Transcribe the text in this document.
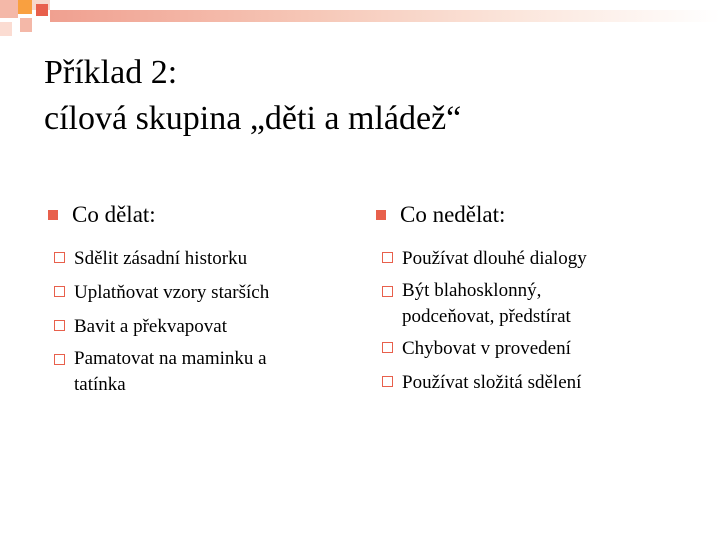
Příklad 2:
cílová skupina „děti a mládež“
Co dělat:
Sdělit zásadní historku
Uplatňovat vzory starších
Bavit a překvapovat
Pamatovat na maminku a
tatínka
Co nedělat:
Používat dlouhé dialogy
Být blahosklonný,
podceňovat, předstírat
Chybovat v provedení
Používat složitá sdělení
